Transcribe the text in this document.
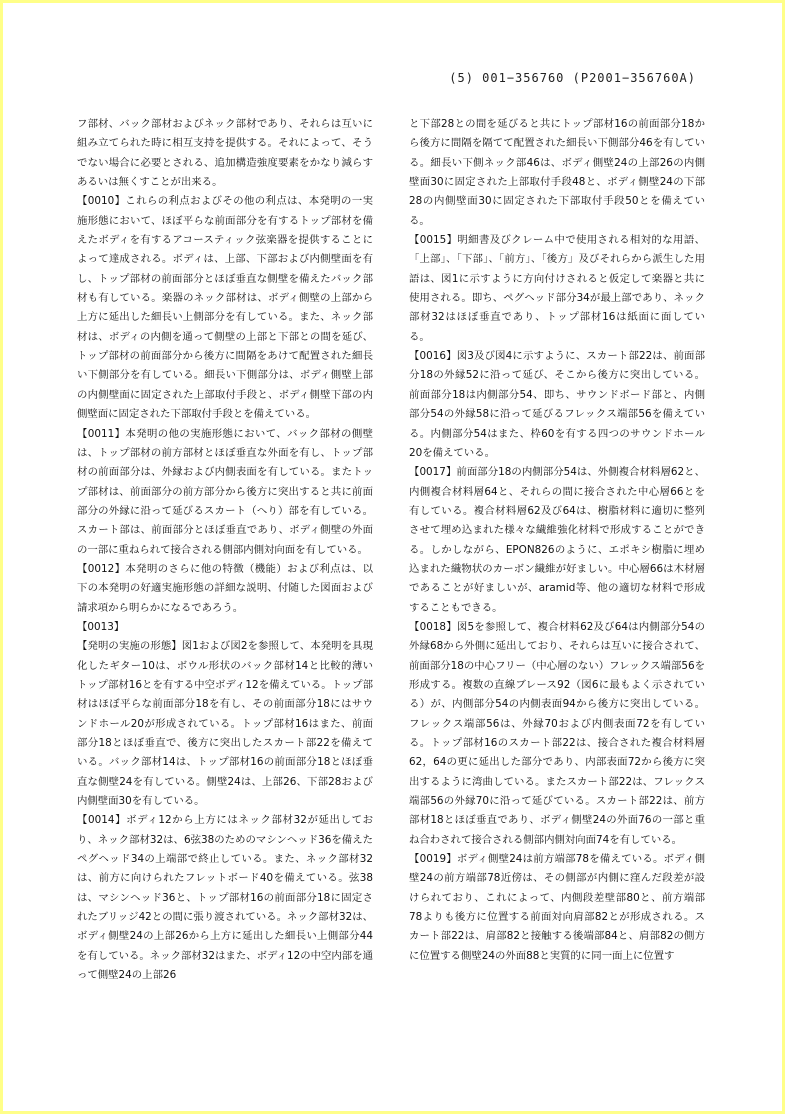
(5) 001−356760 (P2001−356760A)

フ部材、バック部材およびネック部材であり、それらは互いに組み立てられた時に相互支持を提供する。それによって、そうでない場合に必要とされる、追加構造強度要素をかなり減らすあるいは無くすことが出来る。

【0010】これらの利点およびその他の利点は、本発明の一実施形態において、ほぼ平らな前面部分を有するトップ部材を備えたボディを有するアコースティック弦楽器を提供することによって達成される。ボディは、上部、下部および内側壁面を有し、トップ部材の前面部分とほぼ垂直な側壁を備えたバック部材も有している。楽器のネック部材は、ボディ側壁の上部から上方に延出した細長い上側部分を有している。また、ネック部材は、ボディの内側を通って側壁の上部と下部との間を延び、トップ部材の前面部分から後方に間隔をあけて配置された細長い下側部分を有している。細長い下側部分は、ボディ側壁上部の内側壁面に固定された上部取付手段と、ボディ側壁下部の内側壁面に固定された下部取付手段とを備えている。

【0011】本発明の他の実施形態において、バック部材の側壁は、トップ部材の前方部材とほぼ垂直な外面を有し、トップ部材の前面部分は、外縁および内側表面を有している。またトップ部材は、前面部分の前方部分から後方に突出すると共に前面部分の外縁に沿って延びるスカート（へり）部を有している。スカート部は、前面部分とほぼ垂直であり、ボディ側壁の外面の一部に重ねられて接合される側部内側対向面を有している。

【0012】本発明のさらに他の特徴（機能）および利点は、以下の本発明の好適実施形態の詳細な説明、付随した図面および請求項から明らかになるであろう。

【0013】

【発明の実施の形態】図1および図2を参照して、本発明を具現化したギター10は、ボウル形状のバック部材14と比較的薄いトップ部材16とを有する中空ボディ12を備えている。トップ部材はほぼ平らな前面部分18を有し、その前面部分18にはサウンドホール20が形成されている。トップ部材16はまた、前面部分18とほぼ垂直で、後方に突出したスカート部22を備えている。バック部材14は、トップ部材16の前面部分18とほぼ垂直な側壁24を有している。側壁24は、上部26、下部28および内側壁面30を有している。

【0014】ボディ12から上方にはネック部材32が延出しており、ネック部材32は、6弦38のためのマシンヘッド36を備えたペグヘッド34の上端部で終止している。また、ネック部材32は、前方に向けられたフレットボード40を備えている。弦38は、マシンヘッド36と、トップ部材16の前面部分18に固定されたブリッジ42との間に張り渡されている。ネック部材32は、ボディ側壁24の上部26から上方に延出した細長い上側部分44を有している。ネック部材32はまた、ボディ12の中空内部を通って側壁24の上部26

と下部28との間を延びると共にトップ部材16の前面部分18から後方に間隔を隔てて配置された細長い下側部分46を有している。細長い下側ネック部46は、ボディ側壁24の上部26の内側壁面30に固定された上部取付手段48と、ボディ側壁24の下部28の内側壁面30に固定された下部取付手段50とを備えている。

【0015】明細書及びクレーム中で使用される相対的な用語、「上部」、「下部」、「前方」、「後方」及びそれらから派生した用語は、図1に示すように方向付けされると仮定して楽器と共に使用される。即ち、ペグヘッド部分34が最上部であり、ネック部材32はほぼ垂直であり、トップ部材16は紙面に面している。

【0016】図3及び図4に示すように、スカート部22は、前面部分18の外縁52に沿って延び、そこから後方に突出している。前面部分18は内側部分54、即ち、サウンドボード部と、内側部分54の外縁58に沿って延びるフレックス端部56を備えている。内側部分54はまた、枠60を有する四つのサウンドホール20を備えている。

【0017】前面部分18の内側部分54は、外側複合材料層62と、内側複合材料層64と、それらの間に接合された中心層66とを有している。複合材料層62及び64は、樹脂材料に適切に整列させて埋め込まれた様々な繊維強化材料で形成することができる。しかしながら、EPON826のように、エポキシ樹脂に埋め込まれた織物状のカーボン繊維が好ましい。中心層66は木材層であることが好ましいが、aramid等、他の適切な材料で形成することもできる。

【0018】図5を参照して、複合材料62及び64は内側部分54の外縁68から外側に延出しており、それらは互いに接合されて、前面部分18の中心フリー（中心層のない）フレックス端部56を形成する。複数の直線ブレース92（図6に最もよく示されている）が、内側部分54の内側表面94から後方に突出している。フレックス端部56は、外縁70および内側表面72を有している。トップ部材16のスカート部22は、接合された複合材料層62，64の更に延出した部分であり、内部表面72から後方に突出するように湾曲している。またスカート部22は、フレックス端部56の外縁70に沿って延びている。スカート部22は、前方部材18とほぼ垂直であり、ボディ側壁24の外面76の一部と重ね合わされて接合される側部内側対向面74を有している。

【0019】ボディ側壁24は前方端部78を備えている。ボディ側壁24の前方端部78近傍は、その側部が内側に窪んだ段差が設けられており、これによって、内側段差壁部80と、前方端部78よりも後方に位置する前面対向肩部82とが形成される。スカート部22は、肩部82と接触する後端部84と、肩部82の側方に位置する側壁24の外面88と実質的に同一面上に位置す
